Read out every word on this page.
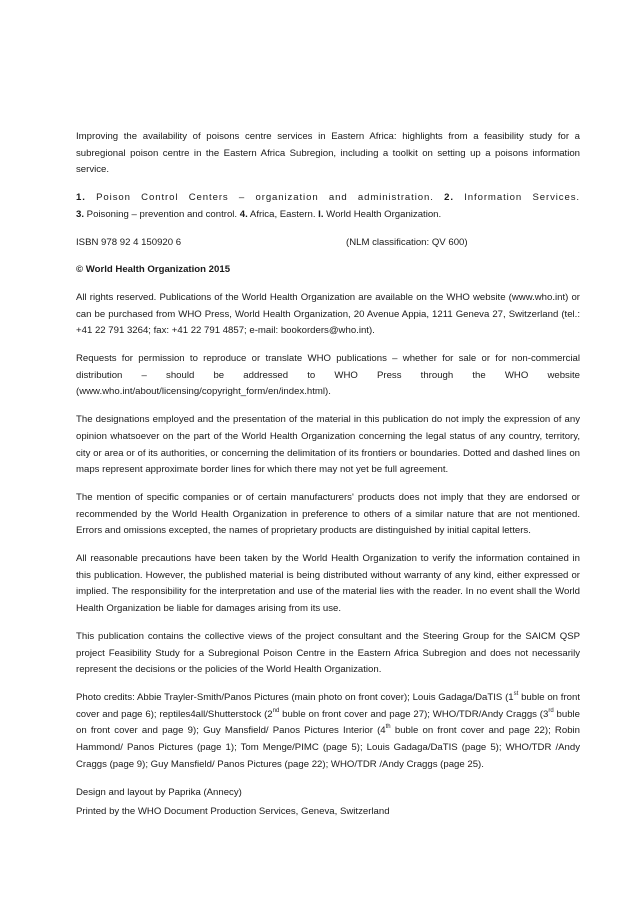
Improving the availability of poisons centre services in Eastern Africa: highlights from a feasibility study for a subregional poison centre in the Eastern Africa Subregion, including a toolkit on setting up a poisons information service.

1. Poison Control Centers – organization and administration. 2. Information Services.

3. Poisoning – prevention and control. 4. Africa, Eastern. I. World Health Organization.

ISBN 978 92 4 150920 6	(NLM classification: QV 600)

© World Health Organization 2015

All rights reserved. Publications of the World Health Organization are available on the WHO website (www.who.int) or can be purchased from WHO Press, World Health Organization, 20 Avenue Appia, 1211 Geneva 27, Switzerland (tel.: +41 22 791 3264; fax: +41 22 791 4857; e-mail: bookorders@who.int).

Requests for permission to reproduce or translate WHO publications – whether for sale or for non-commercial distribution – should be addressed to WHO Press through the WHO website (www.who.int/about/licensing/copyright_form/en/index.html).

The designations employed and the presentation of the material in this publication do not imply the expression of any opinion whatsoever on the part of the World Health Organization concerning the legal status of any country, territory, city or area or of its authorities, or concerning the delimitation of its frontiers or boundaries. Dotted and dashed lines on maps represent approximate border lines for which there may not yet be full agreement.

The mention of specific companies or of certain manufacturers' products does not imply that they are endorsed or recommended by the World Health Organization in preference to others of a similar nature that are not mentioned. Errors and omissions excepted, the names of proprietary products are distinguished by initial capital letters.

All reasonable precautions have been taken by the World Health Organization to verify the information contained in this publication. However, the published material is being distributed without warranty of any kind, either expressed or implied. The responsibility for the interpretation and use of the material lies with the reader. In no event shall the World Health Organization be liable for damages arising from its use.

This publication contains the collective views of the project consultant and the Steering Group for the SAICM QSP project Feasibility Study for a Subregional Poison Centre in the Eastern Africa Subregion and does not necessarily represent the decisions or the policies of the World Health Organization.

Photo credits: Abbie Trayler-Smith/Panos Pictures (main photo on front cover); Louis Gadaga/DaTIS (1st buble on front cover and page 6); reptiles4all/Shutterstock (2nd buble on front cover and page 27); WHO/TDR/Andy Craggs (3rd buble on front cover and page 9); Guy Mansfield/ Panos Pictures Interior (4th buble on front cover and page 22); Robin Hammond/ Panos Pictures (page 1); Tom Menge/PIMC (page 5); Louis Gadaga/DaTIS (page 5); WHO/TDR /Andy Craggs (page 9); Guy Mansfield/ Panos Pictures (page 22); WHO/TDR /Andy Craggs (page 25).

Design and layout by Paprika (Annecy)

Printed by the WHO Document Production Services, Geneva, Switzerland
